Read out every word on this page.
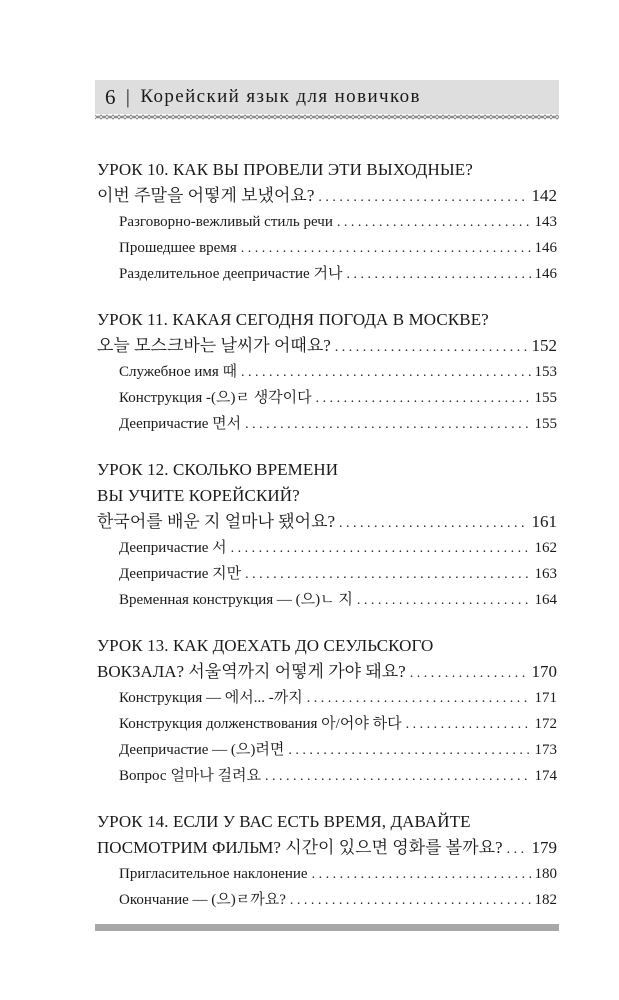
6 | Корейский язык для новичков
УРОК 10. КАК ВЫ ПРОВЕЛИ ЭТИ ВЫХОДНЫЕ?
이번 주말을 어떻게 보냈어요? . . .	142
Разговорно-вежливый стиль речи . . .	143
Прошедшее время . . .	146
Разделительное деепричастие 거나 . . .	146
УРОК 11. КАКАЯ СЕГОДНЯ ПОГОДА В МОСКВЕ?
오늘 모스크바는 날씨가 어때요? . . .	152
Служебное имя 때 . . .	153
Конструкция -(으)ㄹ 생각이다 . . .	155
Деепричастие 면서 . . .	155
УРОК 12. СКОЛЬКО ВРЕМЕНИ
ВЫ УЧИТЕ КОРЕЙСКИЙ?
한국어를 배운 지 얼마나 됐어요? . . .	161
Деепричастие 서 . . .	162
Деепричастие 지만 . . .	163
Временная конструкция — (으)ㄴ 지 . . .	164
УРОК 13. КАК ДОЕХАТЬ ДО СЕУЛЬСКОГО
ВОКЗАЛА? 서울역까지 어떻게 가야 돼요? . . .	170
Конструкция — 에서... -까지 . . .	171
Конструкция долженствования 아/어야 하다 . . .	172
Деепричастие — (으)려면 . . .	173
Вопрос 얼마나 걸려요 . . .	174
УРОК 14. ЕСЛИ У ВАС ЕСТЬ ВРЕМЯ, ДАВАЙТЕ
ПОСМОТРИМ ФИЛЬМ? 시간이 있으면 영화를 볼까요? . . . 179
Пригласительное наклонение . . .	180
Окончание — (으)ㄹ까요? . . .	182
